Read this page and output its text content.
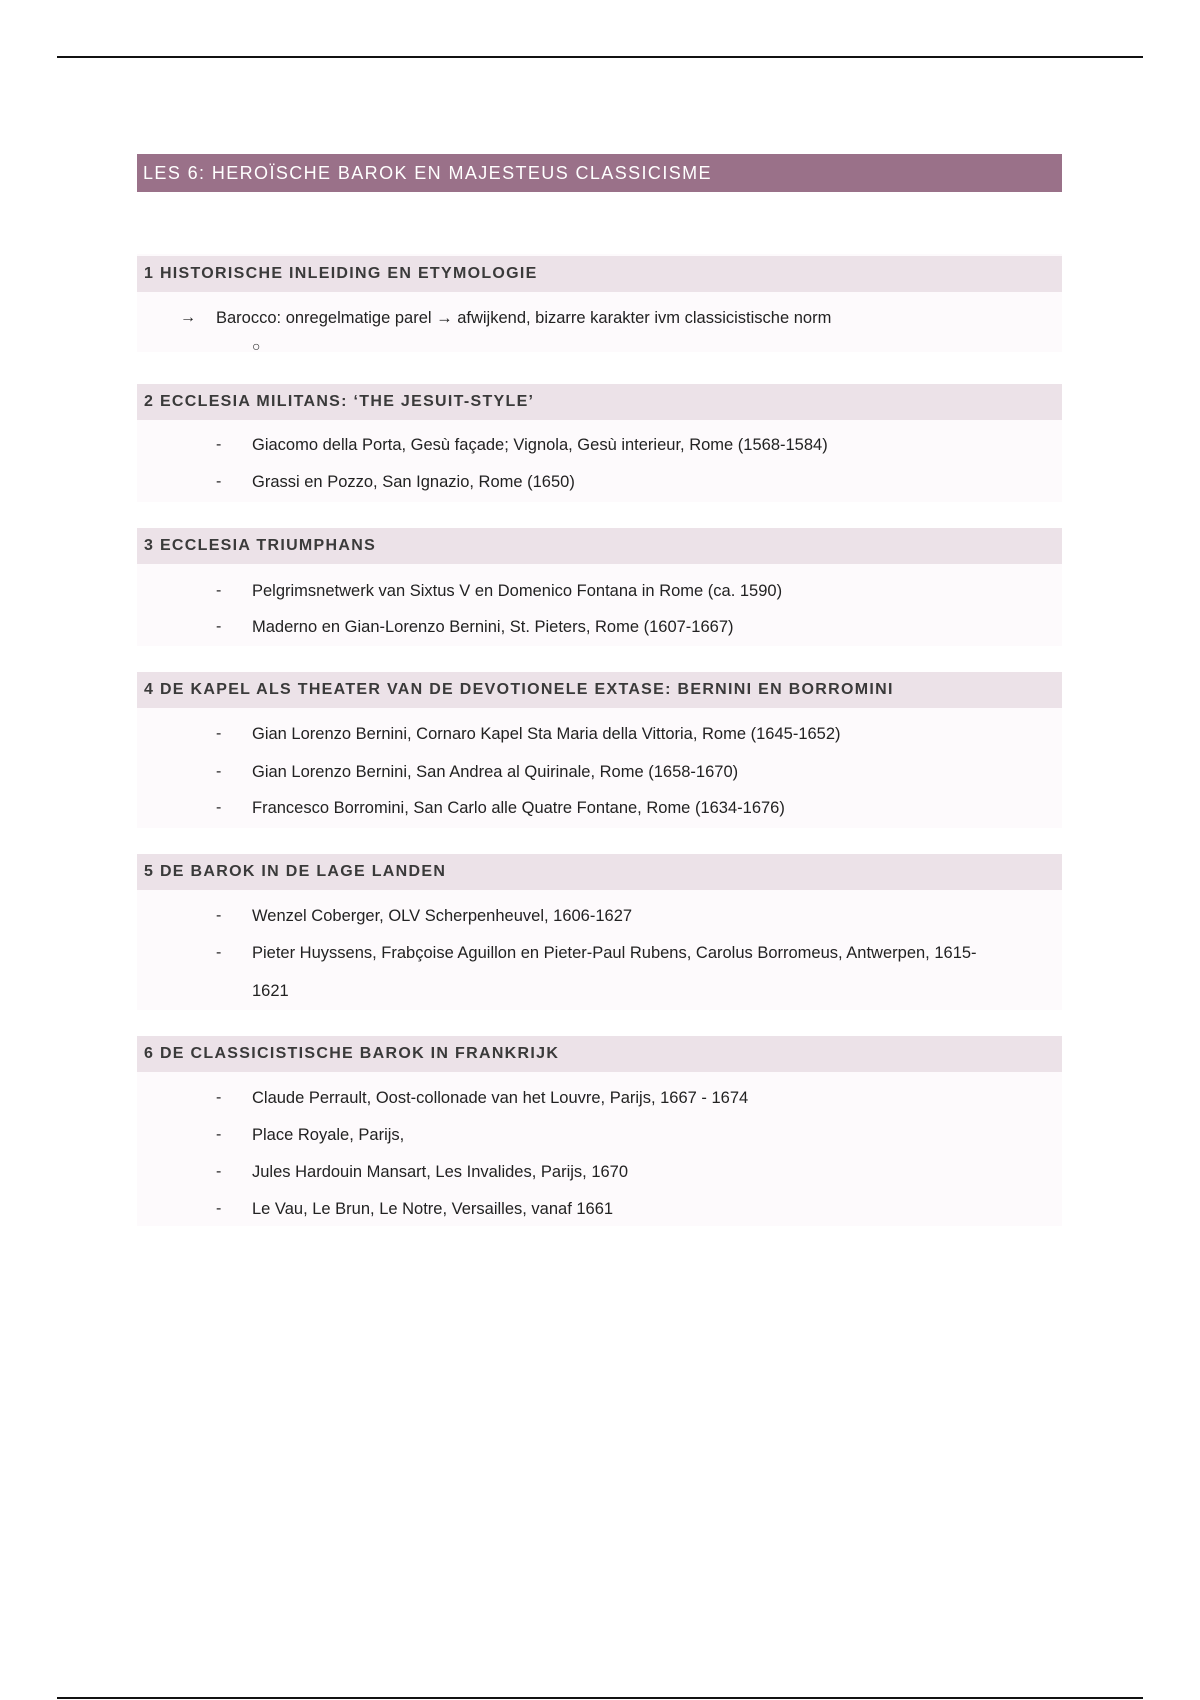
LES 6: HEROÏSCHE BAROK EN MAJESTEUS CLASSICISME
1 HISTORISCHE INLEIDING EN ETYMOLOGIE
→ Barocco: onregelmatige parel → afwijkend, bizarre karakter ivm classicistische norm
○
2 ECCLESIA MILITANS: ‘THE JESUIT-STYLE’
- Giacomo della Porta, Gesù façade; Vignola, Gesù interieur, Rome (1568-1584)
- Grassi en Pozzo, San Ignazio, Rome (1650)
3 ECCLESIA TRIUMPHANS
- Pelgrimsnetwerk van Sixtus V en Domenico Fontana in Rome (ca. 1590)
- Maderno en Gian-Lorenzo Bernini, St. Pieters, Rome (1607-1667)
4 DE KAPEL ALS THEATER VAN DE DEVOTIONELE EXTASE: BERNINI EN BORROMINI
- Gian Lorenzo Bernini, Cornaro Kapel Sta Maria della Vittoria, Rome (1645-1652)
- Gian Lorenzo Bernini, San Andrea al Quirinale, Rome (1658-1670)
- Francesco Borromini, San Carlo alle Quatre Fontane, Rome (1634-1676)
5 DE BAROK IN DE LAGE LANDEN
- Wenzel Coberger, OLV Scherpenheuvel, 1606-1627
- Pieter Huyssens, Frabçoise Aguillon en Pieter-Paul Rubens, Carolus Borromeus, Antwerpen, 1615-
1621
6 DE CLASSICISTISCHE BAROK IN FRANKRIJK
- Claude Perrault, Oost-collonade van het Louvre, Parijs, 1667 - 1674
- Place Royale, Parijs,
- Jules Hardouin Mansart, Les Invalides, Parijs, 1670
- Le Vau, Le Brun, Le Notre, Versailles, vanaf 1661
